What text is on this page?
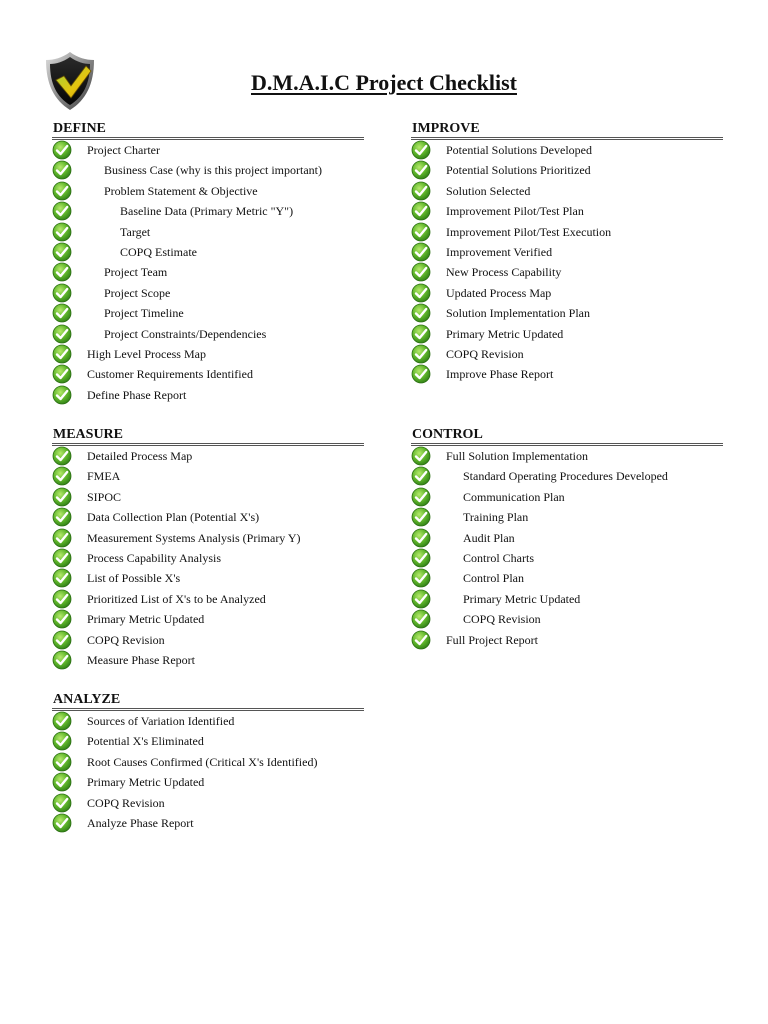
D.M.A.I.C Project Checklist
DEFINE
Project Charter
Business Case (why is this project important)
Problem Statement & Objective
Baseline Data (Primary Metric "Y")
Target
COPQ Estimate
Project Team
Project Scope
Project Timeline
Project Constraints/Dependencies
High Level Process Map
Customer Requirements Identified
Define Phase Report
IMPROVE
Potential Solutions Developed
Potential Solutions Prioritized
Solution Selected
Improvement Pilot/Test Plan
Improvement Pilot/Test Execution
Improvement Verified
New Process Capability
Updated Process Map
Solution Implementation Plan
Primary Metric Updated
COPQ Revision
Improve Phase Report
MEASURE
Detailed Process Map
FMEA
SIPOC
Data Collection Plan (Potential X's)
Measurement Systems Analysis (Primary Y)
Process Capability Analysis
List of Possible X's
Prioritized List of X's to be Analyzed
Primary Metric Updated
COPQ Revision
Measure Phase Report
CONTROL
Full Solution Implementation
Standard Operating Procedures Developed
Communication Plan
Training Plan
Audit Plan
Control Charts
Control Plan
Primary Metric Updated
COPQ Revision
Full Project Report
ANALYZE
Sources of Variation Identified
Potential X's Eliminated
Root Causes Confirmed (Critical X's Identified)
Primary Metric Updated
COPQ Revision
Analyze Phase Report
